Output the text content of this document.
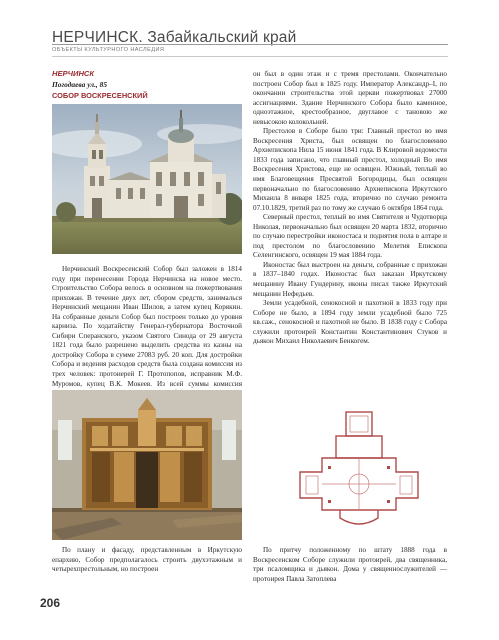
НЕРЧИНСК. Забайкальский край
ОБЪЕКТЫ КУЛЬТУРНОГО НАСЛЕДИЯ
НЕРЧИНСК
Погодаева ул., 85
СОБОР ВОСКРЕСЕНСКИЙ

Нерчинский Воскресенский Собор был заложен в 1814 году при перенесении Города Нерчинска на новое место. Строительство Собора велось в основном на пожертвования прихожан. В течение двух лет, сбором средств, занималься Нерчинский мещанин Иван Шилов, а затем купец Корякин. На собранные деньги Собор был построен только до уровня карниза. По ходатайству Генерал-губернатора Восточной Сибири Сперанского, указом Святого Синода от 29 августа 1821 года было разрешено выделить средства из казны на достройку Собора в сумме 27083 руб. 20 коп. Для достройки Собора и ведения расходов средств была создана комиссия из трех человек: протоиерей Г. Протопопов, исправник М.Ф. Муромов, купец В.К. Мокеев. Из всей суммы комиссия

По плану и фасаду, представленным в Иркутскую епархию, Собор предполагалось строить двухэтажным и четырехпрестольным, но построен

он был в один этаж и с тремя престолами. Окончательно построен Собор был в 1825 году. Император Александр–I, по окончании строительства этой церкви пожертвовал 27000 ассигнациями. Здание Нерчинского Собора было каменное, одноэтажное, крестообразное, двуглавое с тановою же невысокою колокольней.

Престолов в Соборе было три: Главный престол во имя Воскресения Христа, был освящен по благословению Архиепископа Нила 15 июня 1841 года. В Клировой ведомости 1833 года записано, что главный престол, холодный Во имя Воскресения Христова, еще не освящен. Южный, теплый во имя Благовещения Пресвятой Богородицы, был освящен первоначально по благословению Архиепископа Иркутского Михаила 8 января 1825 года, вторично по случаю ремонта 07.10.1829, третий раз по тому же случаю 6 октября 1864 года.

Северный престол, теплый во имя Святителя и Чудотворца Николая, первоначально был освящен 20 марта 1832, вторично по случаю перестройки иконостаса и поднятия пола в алтаре и под престолом по благословению Мелетия Епископа Селенгинского, освящен 19 мая 1884 года.

Иконостас был выстроен на деньги, собранные с прихожан в 1837–1840 годах. Иконостас был заказан Иркутскому мещанину Ивану Гундерину, иконы писал также Иркутский мещанин Нефедьев.

Земли усадебной, сенокосной и пахотной в 1833 году при Соборе не было, в 1894 году земли усадебной было 725 кв.саж., сенокосной и пахотной не было. В 1838 году с Собора служили протоирей Константин Константинович Стуков и дьякон Михаил Николаевич Бенкогем.

По притчу положенному по штату 1888 года в Воскресенском Соборе служили протоирей, два священника, три псаломщика и дьякон. Дома у священнослужителей — протоирея Павла Затоплева

206
